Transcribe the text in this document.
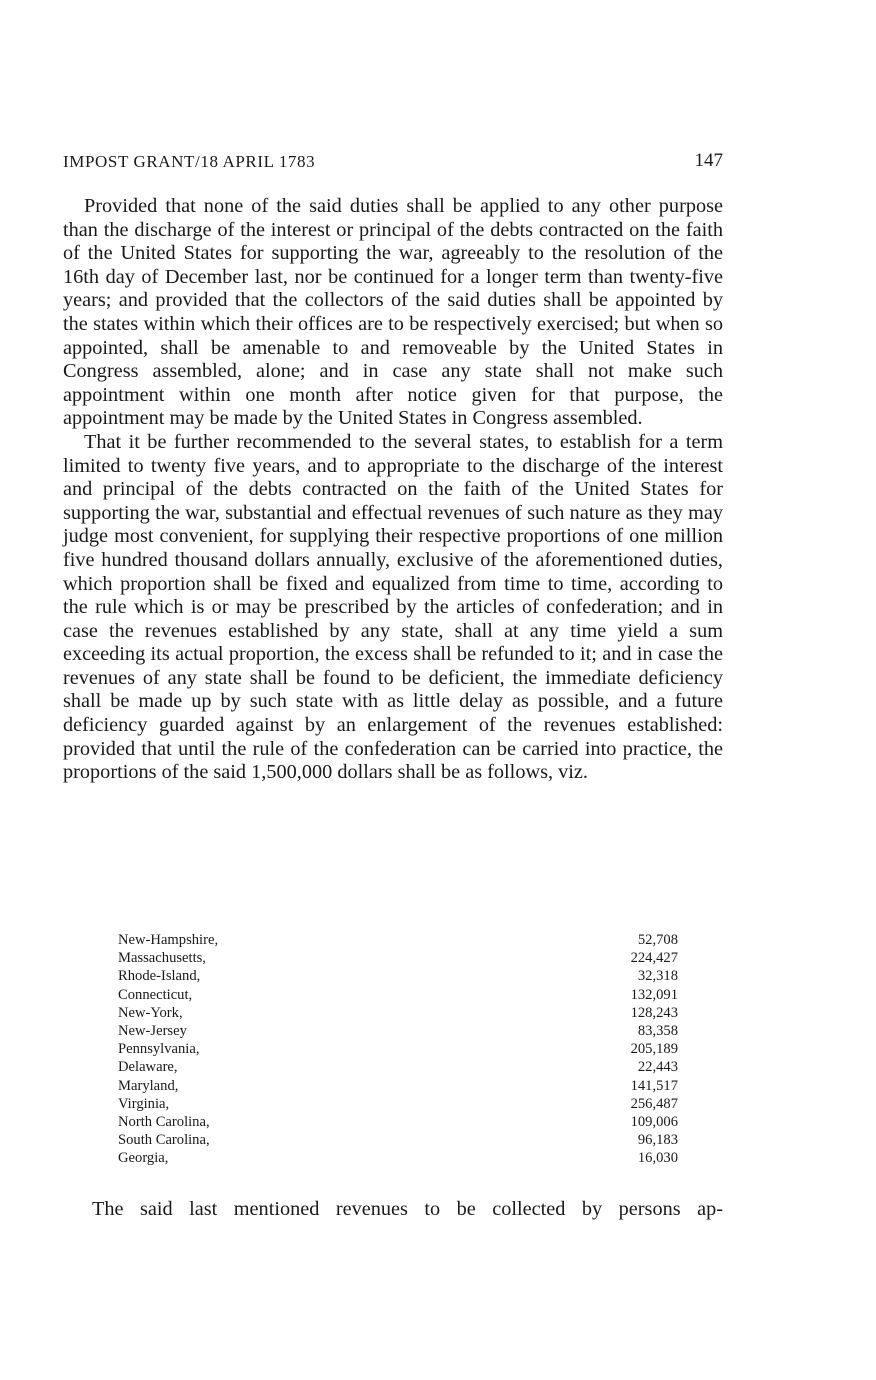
IMPOST GRANT/18 APRIL 1783	147

Provided that none of the said duties shall be applied to any other purpose than the discharge of the interest or principal of the debts contracted on the faith of the United States for supporting the war, agreeably to the resolution of the 16th day of December last, nor be continued for a longer term than twenty-five years; and provided that the collectors of the said duties shall be appointed by the states within which their offices are to be respectively exercised; but when so appointed, shall be amenable to and removeable by the United States in Congress assembled, alone; and in case any state shall not make such appointment within one month after notice given for that purpose, the appointment may be made by the United States in Congress assembled.

That it be further recommended to the several states, to establish for a term limited to twenty five years, and to appropriate to the discharge of the interest and principal of the debts contracted on the faith of the United States for supporting the war, substantial and effectual revenues of such nature as they may judge most convenient, for supplying their respective proportions of one million five hundred thousand dollars annually, exclusive of the aforementioned duties, which proportion shall be fixed and equalized from time to time, according to the rule which is or may be prescribed by the articles of confederation; and in case the revenues established by any state, shall at any time yield a sum exceeding its actual proportion, the excess shall be refunded to it; and in case the revenues of any state shall be found to be deficient, the immediate deficiency shall be made up by such state with as little delay as possible, and a future deficiency guarded against by an enlargement of the revenues established: provided that until the rule of the confederation can be carried into practice, the proportions of the said 1,500,000 dollars shall be as follows, viz.

New-Hampshire,	52,708
Massachusetts,	224,427
Rhode-Island,	32,318
Connecticut,	132,091
New-York,	128,243
New-Jersey	83,358
Pennsylvania,	205,189
Delaware,	22,443
Maryland,	141,517
Virginia,	256,487
North Carolina,	109,006
South Carolina,	96,183
Georgia,	16,030
The said last mentioned revenues to be collected by persons ap-
